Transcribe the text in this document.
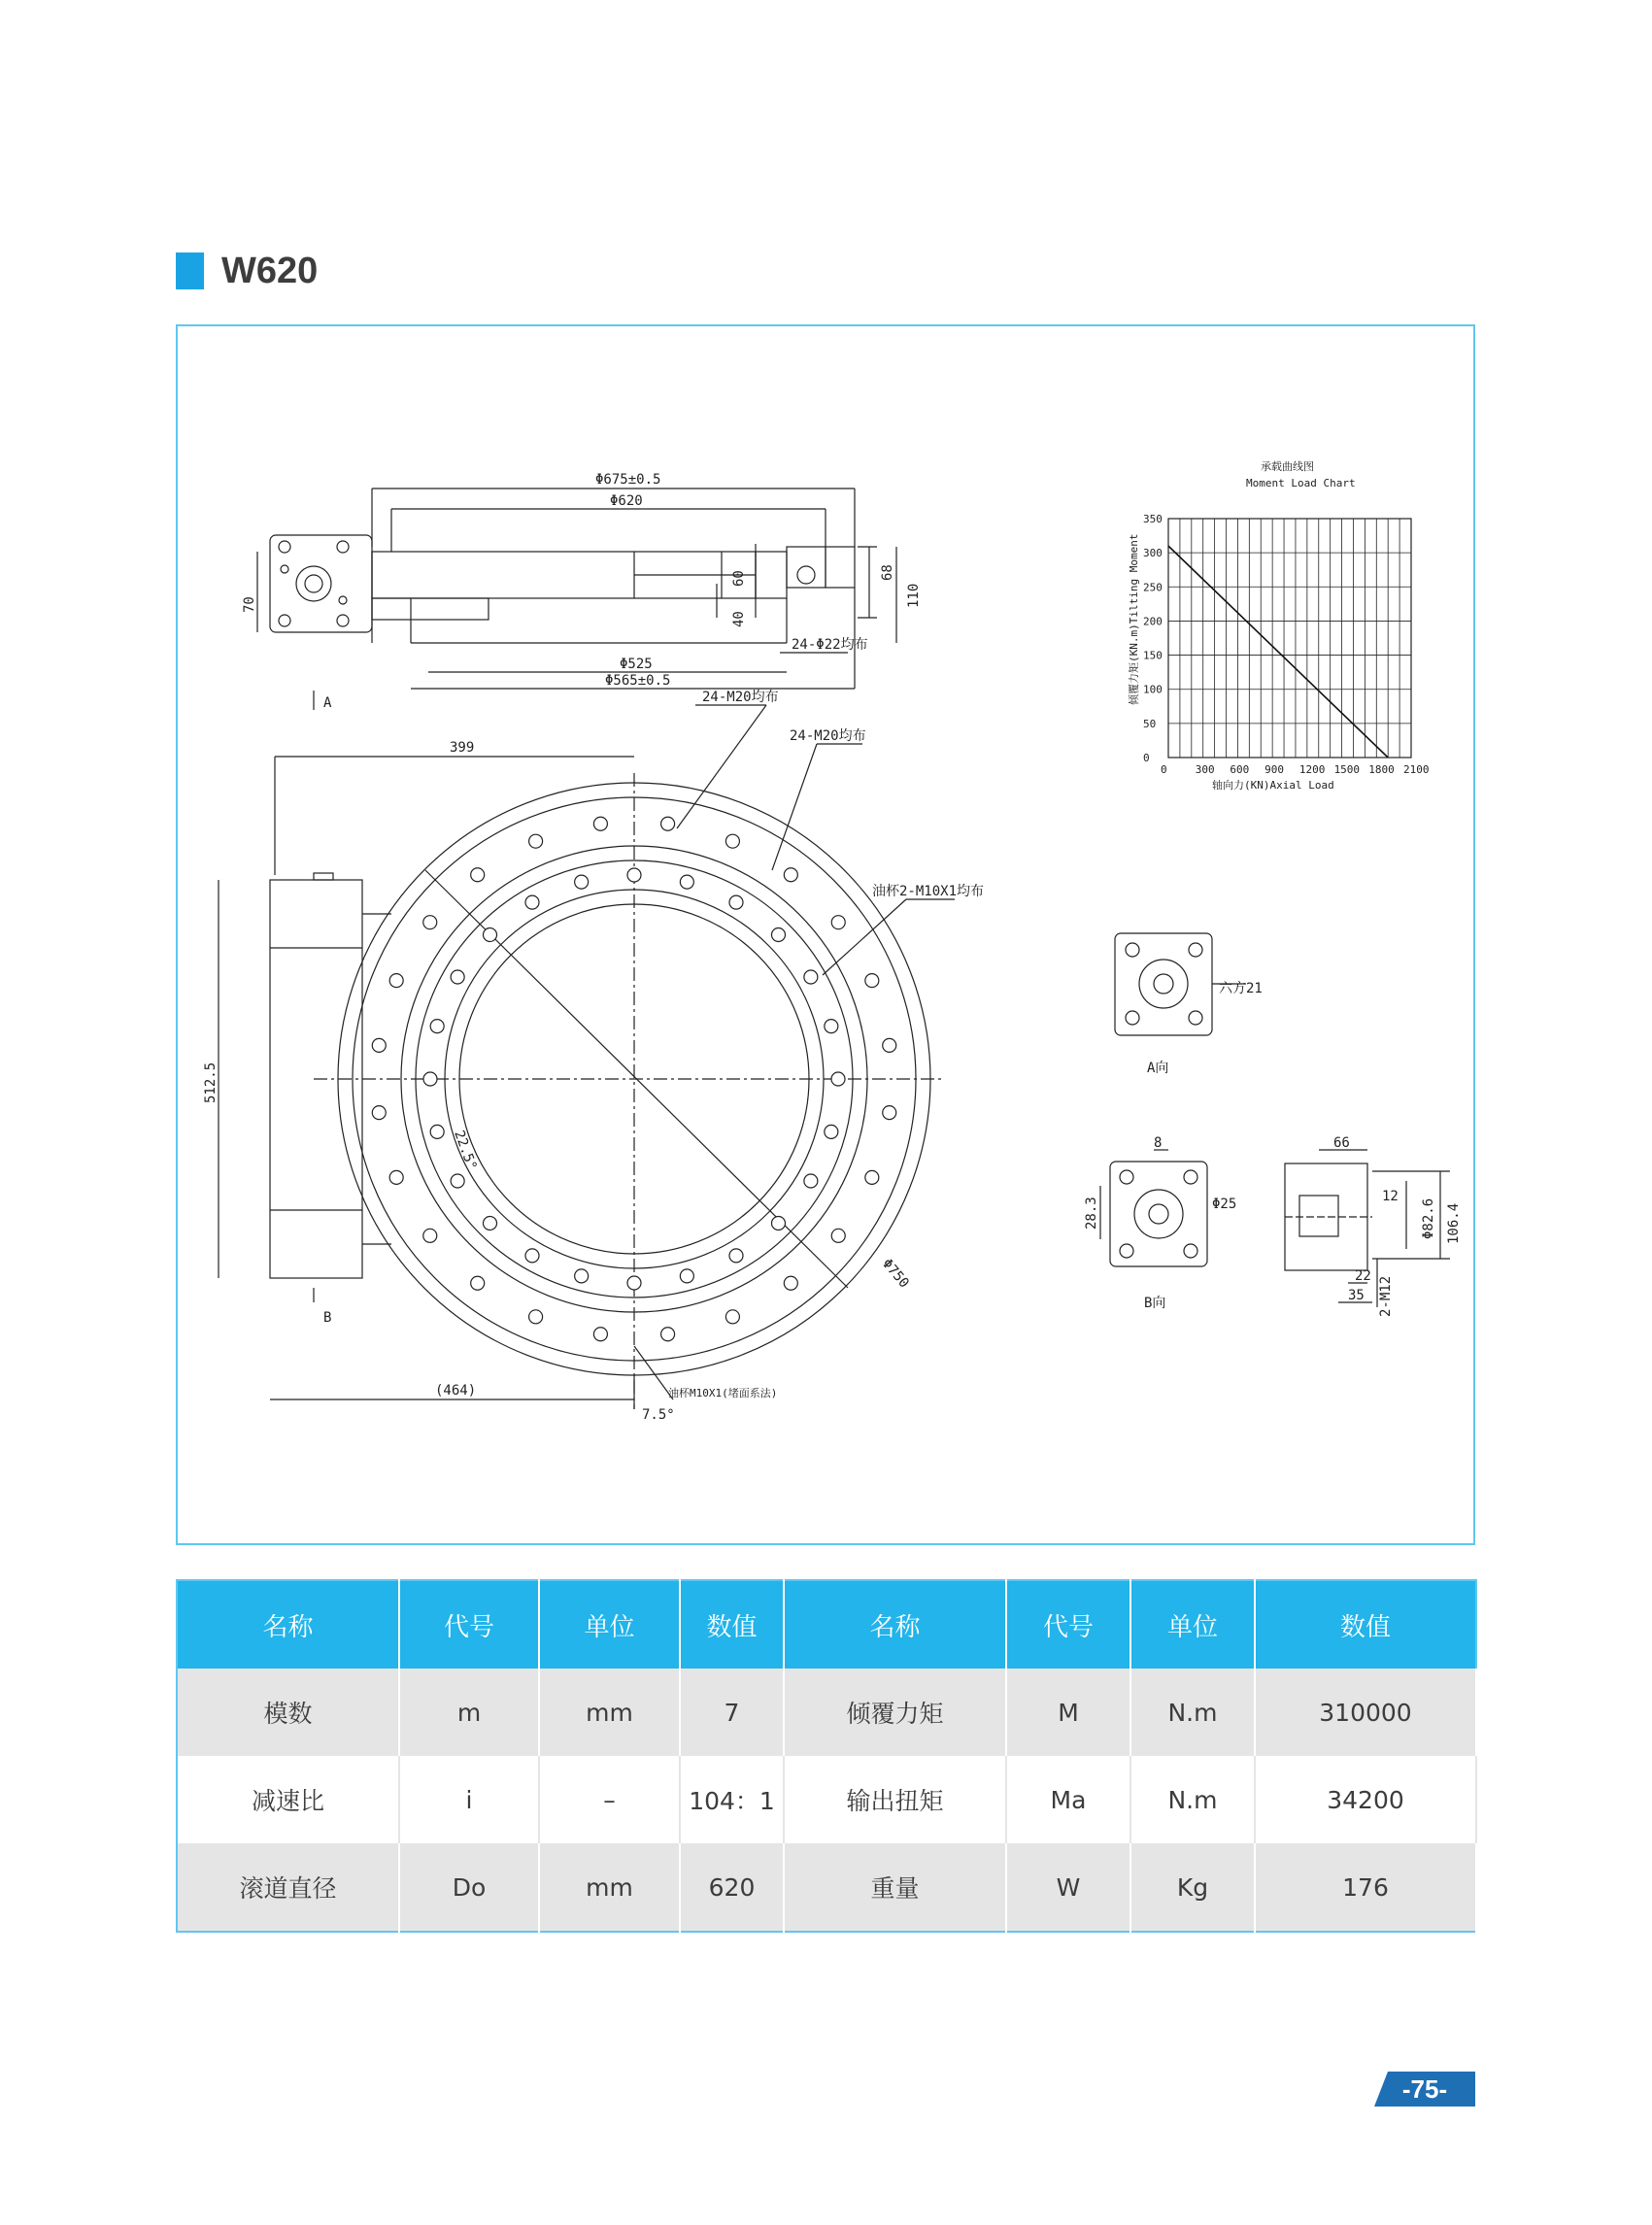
W620
Φ675±0.5
Φ620
Φ525
Φ565±0.5
70
60
40
68
110
24-Φ22均布
A
399
24-M20均布
24-M20均布
油杯2-M10X1均布
512.5
22.5°
Φ750
(464)
7.5°
油杯M10X1(堵面系法)
B
六方21
A向
8
Φ25
28.3
B向
66
12
Φ82.6 106.4
22
35 2-M12
承载曲线图
Moment Load Chart
倾覆力矩(KN.m)Tilting Moment
轴向力(KN)Axial Load
0	300 600 900 1200 1500 1800 2100
0
50
100
150
200
250
300
350
名称	代号	单位	数值	名称	代号	单位	数值
模数	m	mm	7	倾覆力矩	M	N.m	310000
减速比	i	–	104：1	输出扭矩	Ma	N.m	34200
滚道直径	Do	mm	620	重量	W	Kg	176
-75-
